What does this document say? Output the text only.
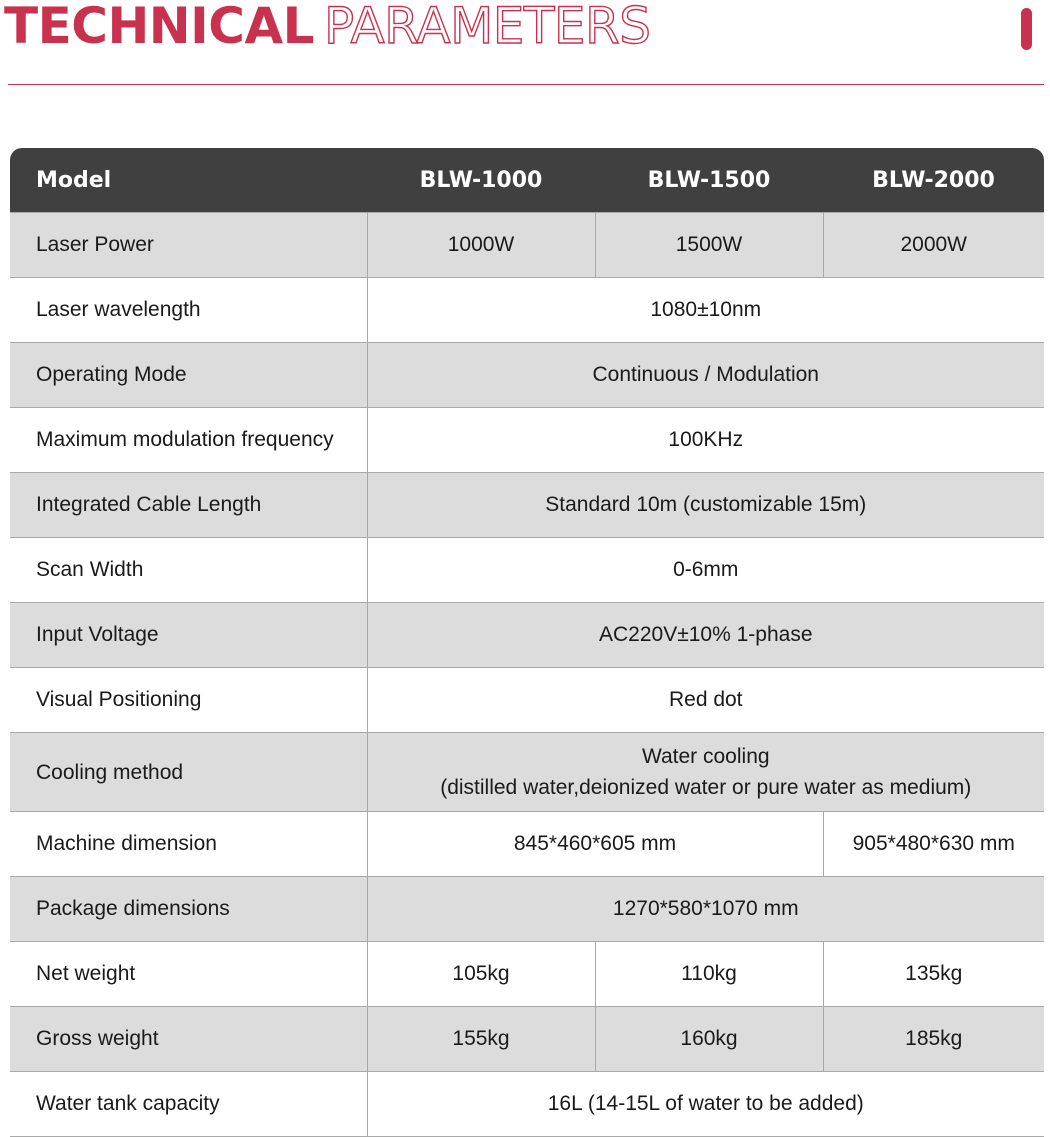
TECHNICAL PARAMETERS
Model	BLW-1000	BLW-1500	BLW-2000
Laser Power	1000W	1500W	2000W
Laser wavelength	1080±10nm		
Operating Mode	Continuous / Modulation		
Maximum modulation frequency	100KHz		
Integrated Cable Length	Standard 10m (customizable 15m)		
Scan Width	0-6mm		
Input Voltage	AC220V±10% 1-phase		
Visual Positioning	Red dot		
Cooling method	Water cooling
(distilled water,deionized water or pure water as medium)		
Machine dimension	845*460*605 mm		905*480*630 mm
Package dimensions	1270*580*1070 mm		
Net weight	105kg	110kg	135kg
Gross weight	155kg	160kg	185kg
Water tank capacity	16L (14-15L of water to be added)		
